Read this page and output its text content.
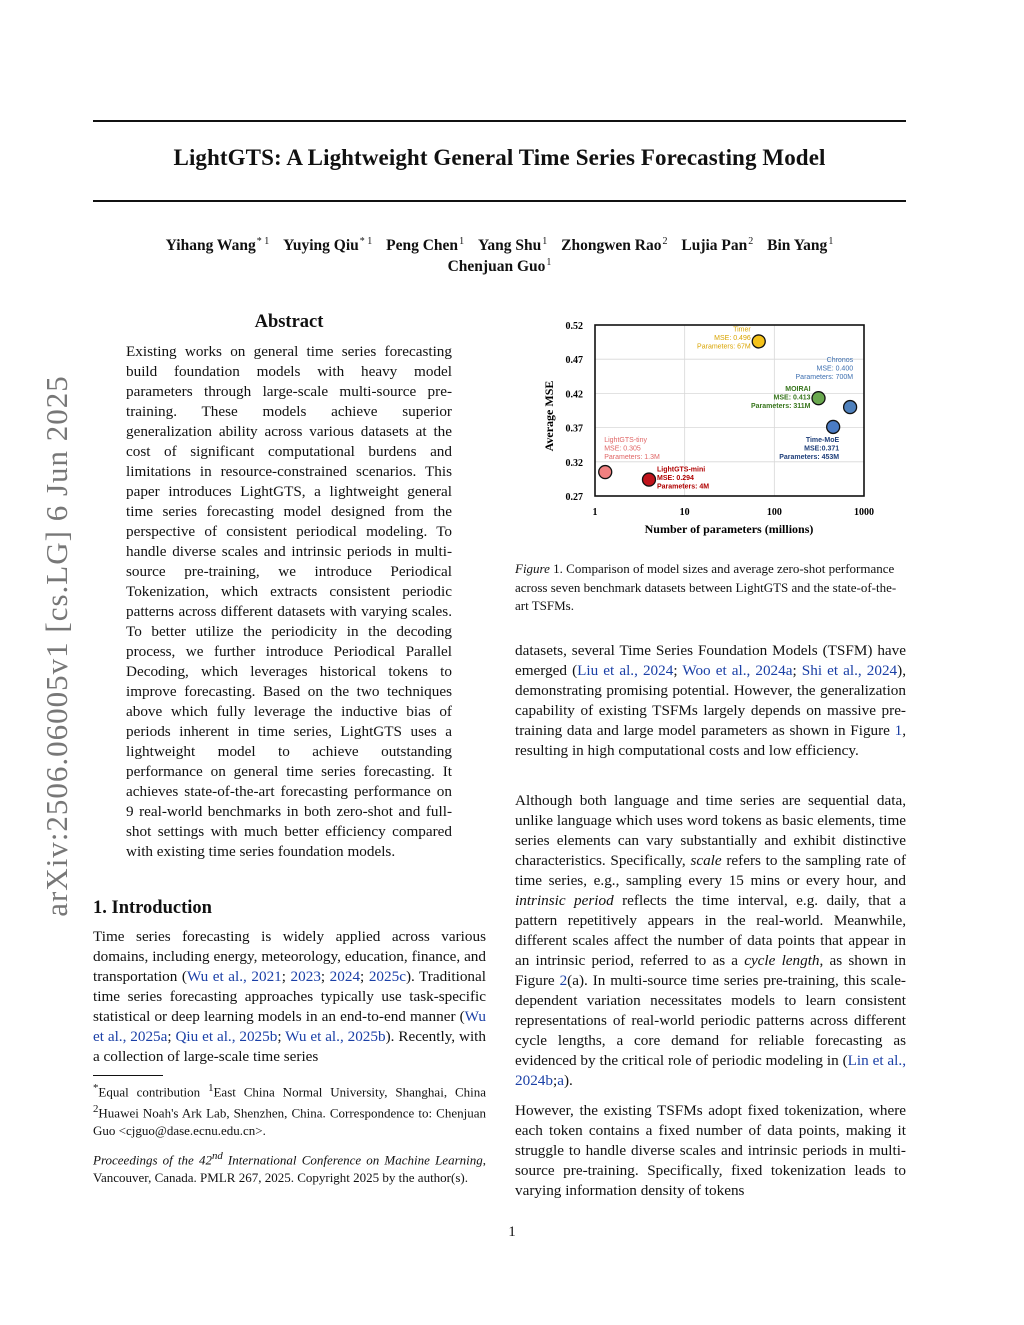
LightGTS: A Lightweight General Time Series Forecasting Model
Yihang Wang$^{* 1}$ Yuying Qiu$^{* 1}$ Peng Chen$^1$ Yang Shu$^1$ Zhongwen Rao$^2$ Lujia Pan$^2$ Bin Yang$^1$
Chenjuan Guo$^1$
arXiv:2506.06005v1 [cs.LG] 6 Jun 2025
Abstract
Existing works on general time series forecasting build foundation models with heavy model parameters through large-scale multi-source pre-training. These models achieve superior generalization ability across various datasets at the cost of significant computational burdens and limitations in resource-constrained scenarios. This paper introduces LightGTS, a lightweight general time series forecasting model designed from the perspective of consistent periodical modeling. To handle diverse scales and intrinsic periods in multi-source pre-training, we introduce Periodical Tokenization, which extracts consistent periodic patterns across different datasets with varying scales. To better utilize the periodicity in the decoding process, we further introduce Periodical Parallel Decoding, which leverages historical tokens to improve forecasting. Based on the two techniques above which fully leverage the inductive bias of periods inherent in time series, LightGTS uses a lightweight model to achieve outstanding performance on general time series forecasting. It achieves state-of-the-art forecasting performance on 9 real-world benchmarks in both zero-shot and full-shot settings with much better efficiency compared with existing time series foundation models.
1. Introduction
Time series forecasting is widely applied across various domains, including energy, meteorology, education, finance, and transportation (Wu et al., 2021; 2023; 2024; 2025c). Traditional time series forecasting approaches typically use task-specific statistical or deep learning models in an end-to-end manner (Wu et al., 2025a; Qiu et al., 2025b; Wu et al., 2025b). Recently, with a collection of large-scale time series
*Equal contribution $^1$East China Normal University, Shanghai, China $^2$Huawei Noah's Ark Lab, Shenzhen, China. Correspondence to: Chenjuan Guo <cjguo@dase.ecnu.edu.cn>.
Proceedings of the 42nd International Conference on Machine Learning, Vancouver, Canada. PMLR 267, 2025. Copyright 2025 by the author(s).
0.27
0.32
0.37
0.42
0.47
0.52
1	10	100	1000
Average MSE
Number of parameters (millions)
LightGTS-tiny MSE: 0.305 Parameters: 1.3M
LightGTS-mini MSE: 0.294 Parameters: 4M
Timer MSE: 0.496 Parameters: 67M
MOIRAI MSE: 0.413 Parameters: 311M
Chronos MSE: 0.400 Parameters: 700M
Time-MoE MSE:0.371 Parameters: 453M
Figure 1. Comparison of model sizes and average zero-shot performance across seven benchmark datasets between LightGTS and the state-of-the-art TSFMs.
datasets, several Time Series Foundation Models (TSFM) have emerged (Liu et al., 2024; Woo et al., 2024a; Shi et al., 2024), demonstrating promising potential. However, the generalization capability of existing TSFMs largely depends on massive pre-training data and large model parameters as shown in Figure 1, resulting in high computational costs and low efficiency.
Although both language and time series are sequential data, unlike language which uses word tokens as basic elements, time series elements can vary substantially and exhibit distinctive characteristics. Specifically, scale refers to the sampling rate of time series, e.g., sampling every 15 mins or every hour, and intrinsic period reflects the time interval, e.g. daily, that a pattern repetitively appears in the real-world. Meanwhile, different scales affect the number of data points that appear in an intrinsic period, referred to as a cycle length, as shown in Figure 2(a). In multi-source time series pre-training, this scale-dependent variation necessitates models to learn consistent representations of real-world periodic patterns across different cycle lengths, a core demand for reliable forecasting as evidenced by the critical role of periodic modeling in (Lin et al., 2024b;a).
However, the existing TSFMs adopt fixed tokenization, where each token contains a fixed number of data points, making it struggle to handle diverse scales and intrinsic periods in multi-source pre-training. Specifically, fixed tokenization leads to varying information density of tokens
1
